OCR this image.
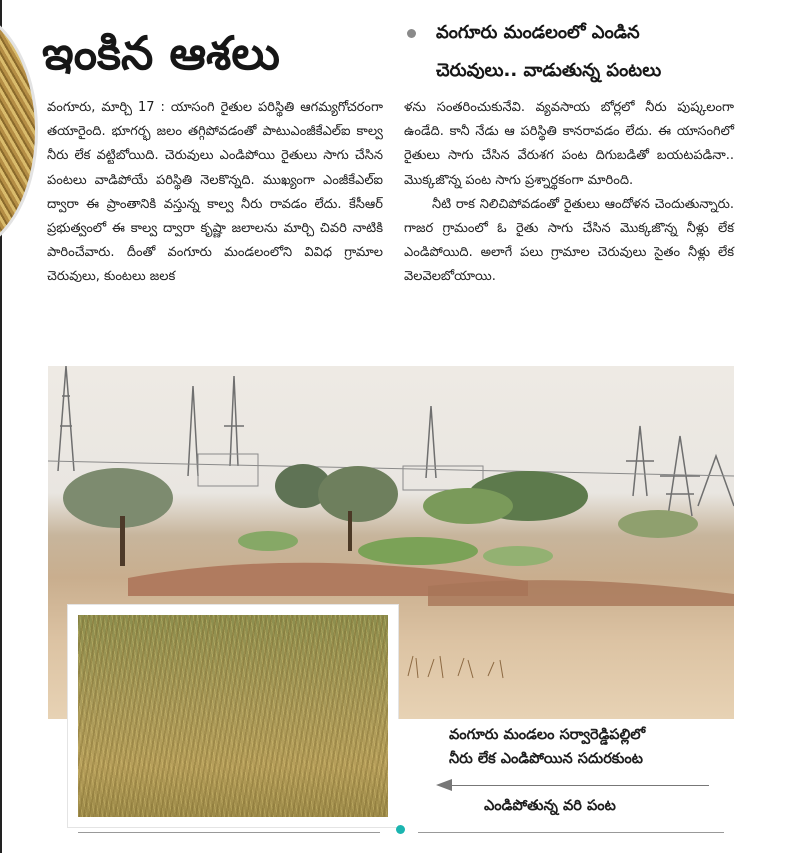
ఇంకిన ఆశలు	వంగూరు మండలంలో ఎండిన
చెరువులు.. వాడుతున్న పంటలు

వంగూరు, మార్చి 17 : యాసంగి రైతుల పరిస్థితి ఆగమ్యగోచరంగా తయారైంది. భూగర్భ జలం తగ్గిపోవడంతో పాటుఎంజీకేఎల్ఐ కాల్వ నీరు లేక వట్టిబోయిది. చెరువులు ఎండిపోయి రైతులు సాగు చేసిన పంటలు వాడిపోయే పరిస్థితి నెలకొన్నది. ముఖ్యంగా ఎంజీకేఎల్ఐ ద్వారా ఈ ప్రాంతానికి వస్తున్న కాల్వ నీరు రావడం లేదు. కేసీఆర్ ప్రభుత్వంలో ఈ కాల్వ ద్వారా కృష్ణా జలాలను మార్చి చివరి నాటికి పారించేవారు. దీంతో వంగూరు మండలంలోని వివిధ గ్రామాల చెరువులు, కుంటలు జలక

ళను సంతరించుకునేవి. వ్యవసాయ బోర్లలో నీరు పుష్కలంగా ఉండేది. కానీ నేడు ఆ పరిస్థితి కానరావడం లేదు. ఈ యాసంగిలో రైతులు సాగు చేసిన వేరుశగ పంట దిగుబడితో బయటపడినా.. మొక్కజొన్న పంట సాగు ప్రశ్నార్థకంగా మారింది.

నీటి రాక నిలిచిపోవడంతో రైతులు ఆందోళన చెందుతున్నారు. గాజర గ్రామంలో ఓ రైతు సాగు చేసిన మొక్కజొన్న నీళ్లు లేక ఎండిపోయిది. అలాగే పలు గ్రామాల చెరువులు సైతం నీళ్లు లేక వెలవెలబోయాయి.

వంగూరు మండలం సర్వారెడ్డిపల్లిలో
నీరు లేక ఎండిపోయిన సదురకుంట
ఎండిపోతున్న వరి పంట
